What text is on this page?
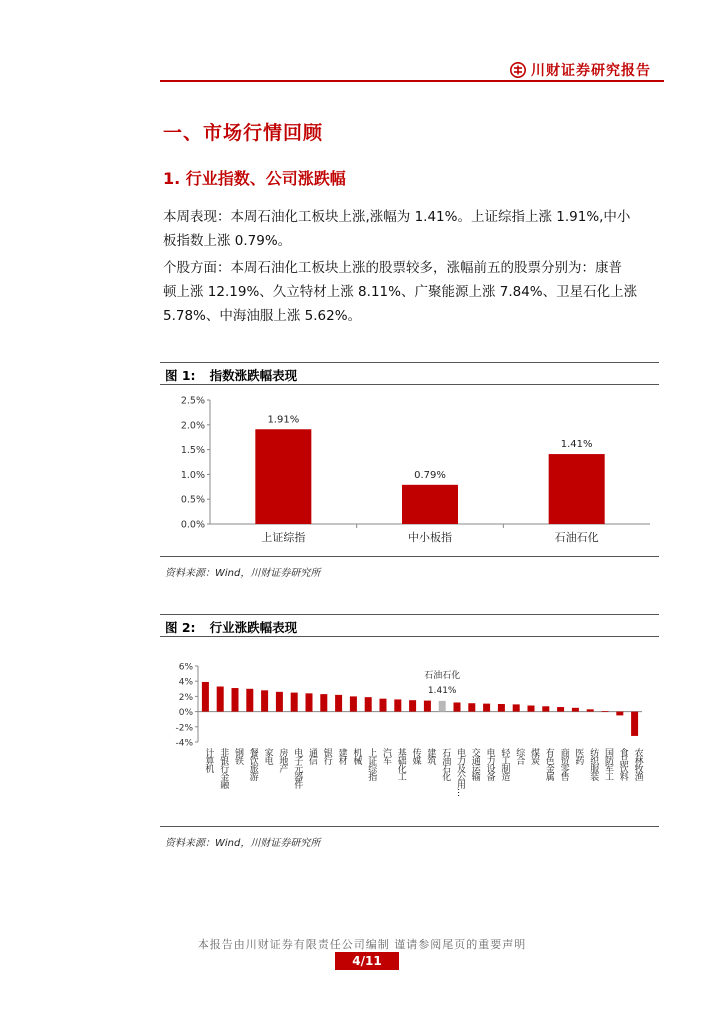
川财证券研究报告
一、市场行情回顾
1. 行业指数、公司涨跌幅

本周表现：本周石油化工板块上涨,涨幅为 1.41%。上证综指上涨 1.91%,中小

板指数上涨 0.79%。

个股方面：本周石油化工板块上涨的股票较多，涨幅前五的股票分别为：康普

顿上涨 12.19%、久立特材上涨 8.11%、广聚能源上涨 7.84%、卫星石化上涨

5.78%、中海油服上涨 5.62%。

图 1: 指数涨跌幅表现
0.0%
0.5%
1.0%
1.5%
2.0%
2.5%
1.91%
上证综指
0.79%
中小板指
1.41%
石油石化
资料来源：Wind，川财证券研究所
图 2: 行业涨跌幅表现
-4%
-2%
0%
2%
4%
6%
计算机 非银行金融 钢铁 餐饮旅游 家电 房地产 电子元器件 通信 银行 建材 机械 上证综指 汽车 基础化工 传媒 建筑 石油石化 电力及公用… 交通运输 电力设备 轻工制造 综合 煤炭 有色金属 商贸零售 医药 纺织服装 国防军工 食品饮料 农林牧渔
石油石化
1.41%
资料来源：Wind，川财证券研究所
本报告由川财证券有限责任公司编制 谨请参阅尾页的重要声明
4/11
